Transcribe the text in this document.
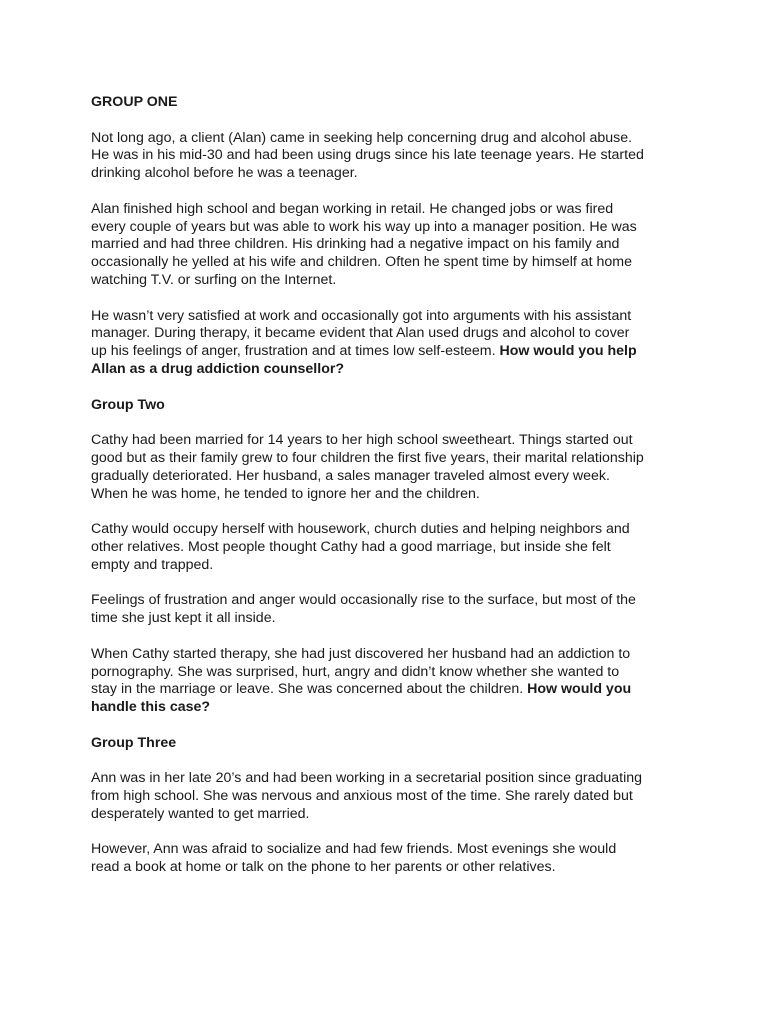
GROUP ONE
Not long ago, a client (Alan) came in seeking help concerning drug and alcohol abuse.
He was in his mid-30 and had been using drugs since his late teenage years. He started
drinking alcohol before he was a teenager.
Alan finished high school and began working in retail. He changed jobs or was fired
every couple of years but was able to work his way up into a manager position. He was
married and had three children. His drinking had a negative impact on his family and
occasionally he yelled at his wife and children. Often he spent time by himself at home
watching T.V. or surfing on the Internet.
He wasn’t very satisfied at work and occasionally got into arguments with his assistant
manager. During therapy, it became evident that Alan used drugs and alcohol to cover
up his feelings of anger, frustration and at times low self-esteem. How would you help
Allan as a drug addiction counsellor?
Group Two
Cathy had been married for 14 years to her high school sweetheart. Things started out
good but as their family grew to four children the first five years, their marital relationship
gradually deteriorated. Her husband, a sales manager traveled almost every week.
When he was home, he tended to ignore her and the children.
Cathy would occupy herself with housework, church duties and helping neighbors and
other relatives. Most people thought Cathy had a good marriage, but inside she felt
empty and trapped.
Feelings of frustration and anger would occasionally rise to the surface, but most of the
time she just kept it all inside.
When Cathy started therapy, she had just discovered her husband had an addiction to
pornography. She was surprised, hurt, angry and didn’t know whether she wanted to
stay in the marriage or leave. She was concerned about the children. How would you
handle this case?
Group Three
Ann was in her late 20’s and had been working in a secretarial position since graduating
from high school. She was nervous and anxious most of the time. She rarely dated but
desperately wanted to get married.
However, Ann was afraid to socialize and had few friends. Most evenings she would
read a book at home or talk on the phone to her parents or other relatives.
